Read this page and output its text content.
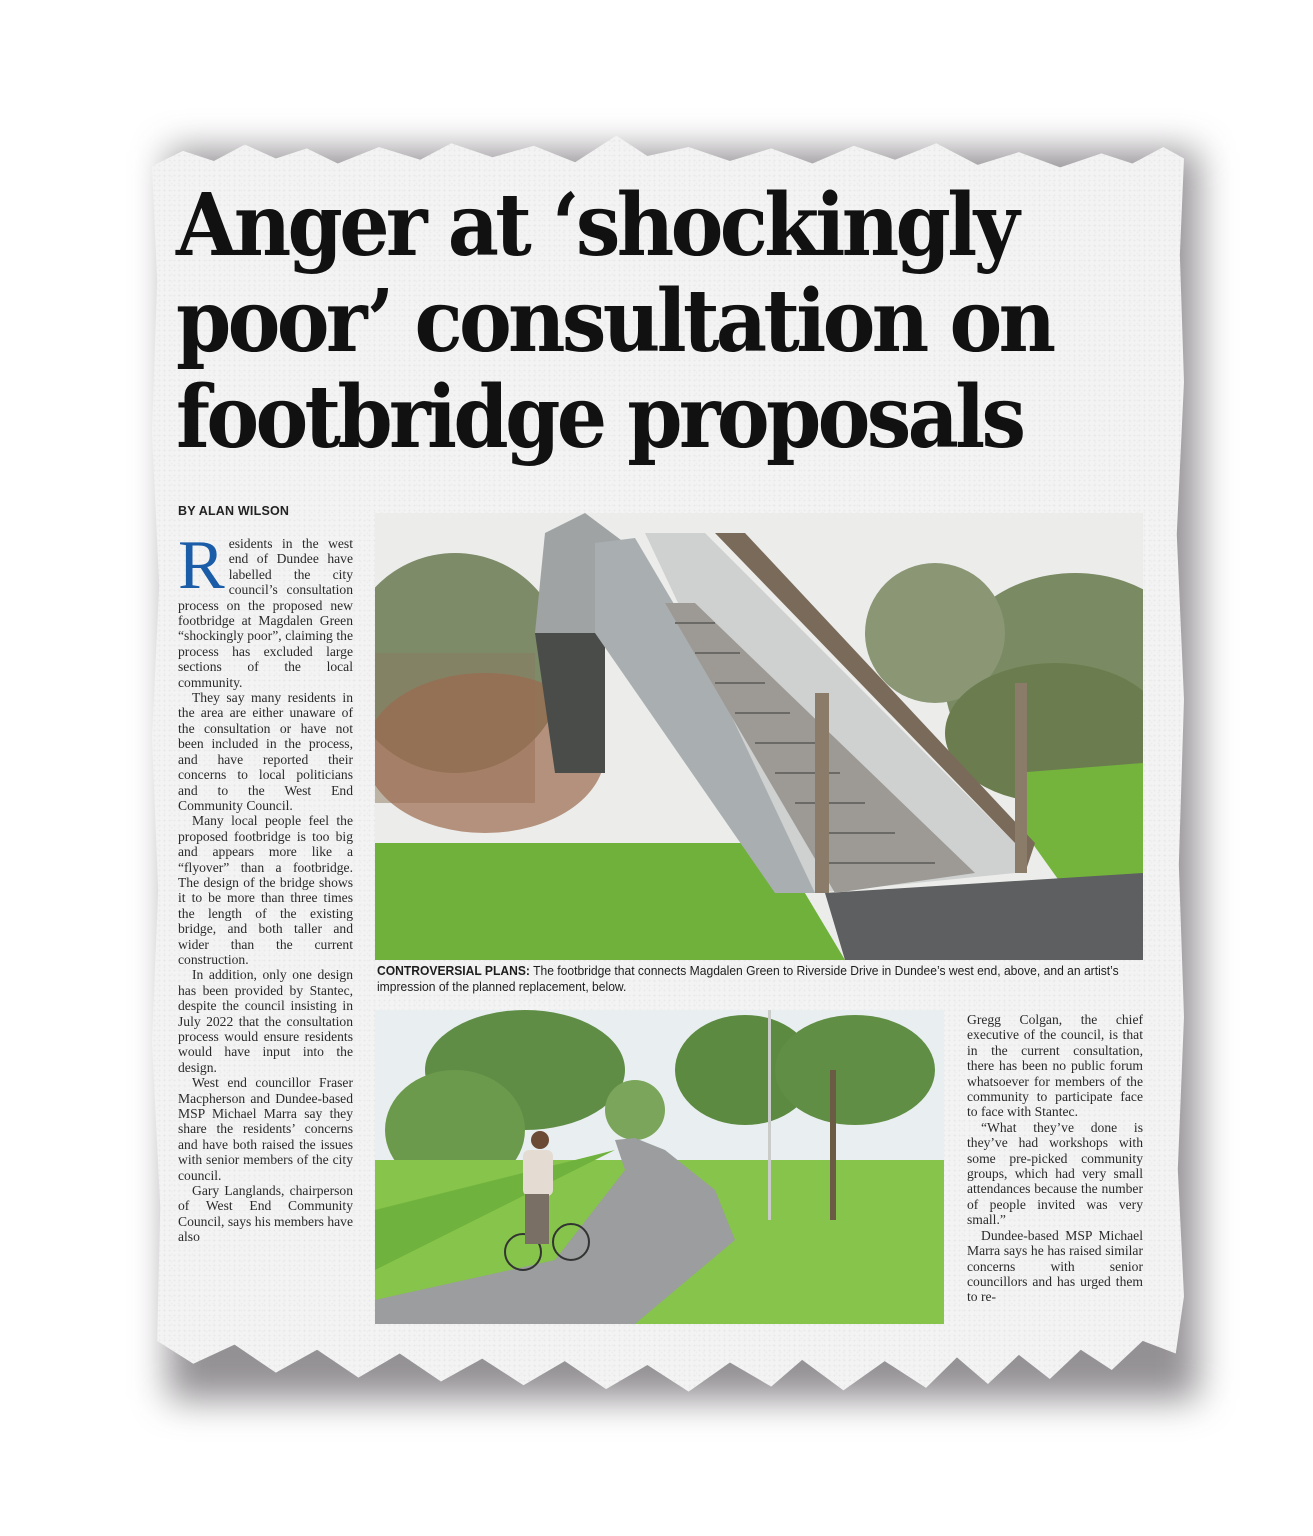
Anger at ‘shockingly
poor’ consultation on
footbridge proposals
BY ALAN WILSON

Residents in the west end of Dundee have labelled the city council’s consultation process on the proposed new footbridge at Magdalen Green “shockingly poor”, claiming the process has excluded large sections of the local community.

They say many residents in the area are either unaware of the consultation or have not been included in the process, and have reported their concerns to local politicians and to the West End Community Council.

Many local people feel the proposed footbridge is too big and appears more like a “flyover” than a footbridge. The design of the bridge shows it to be more than three times the length of the existing bridge, and both taller and wider than the current construction.

In addition, only one design has been provided by Stantec, despite the council insisting in July 2022 that the consultation process would ensure residents would have input into the design.

West end councillor Fraser Macpherson and Dundee-based MSP Michael Marra say they share the residents’ concerns and have both raised the issues with senior members of the city council.

Gary Langlands, chairperson of West End Community Council, says his members have also

CONTROVERSIAL PLANS: The footbridge that connects Magdalen Green to Riverside Drive in Dundee’s west end, above, and an artist’s impression of the planned replacement, below.

Gregg Colgan, the chief executive of the council, is that in the current consultation, there has been no public forum whatsoever for members of the community to participate face to face with Stantec.

“What they’ve done is they’ve had workshops with some pre-picked community groups, which had very small attendances because the number of people invited was very small.”

Dundee-based MSP Michael Marra says he has raised similar concerns with senior councillors and has urged them to re-
